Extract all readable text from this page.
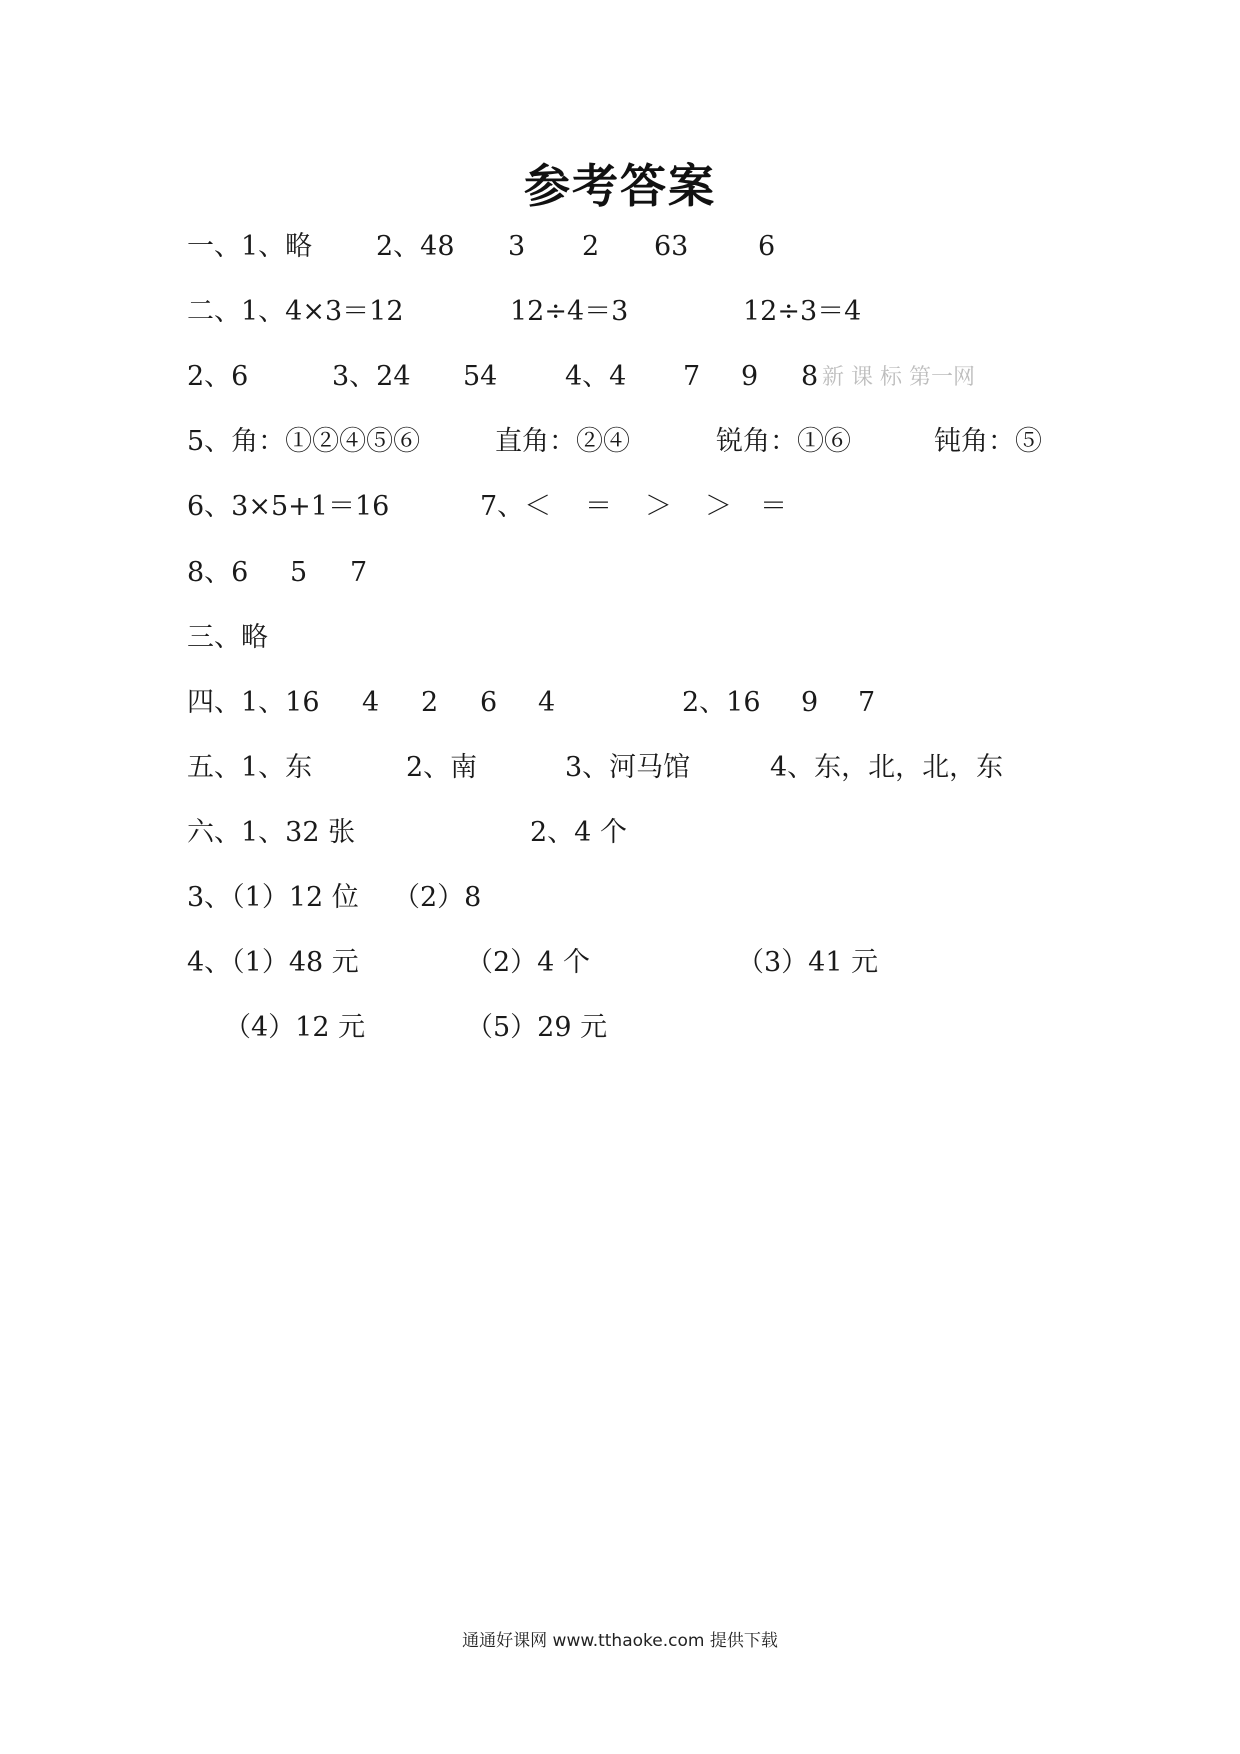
参考答案
一、1、略 2、48 3 2 63	6
二、1、4×3＝12	12÷4＝3	12÷3＝4
2、6	3、24 54	4、4 7 9 8 新 课 标 第一网
5、角：①②④⑤⑥	直角：②④	锐角：①⑥	钝角：⑤
6、3×5+1＝16	7、＜ ＝ ＞ ＞ ＝
8、6 5 7
三、略
四、1、16 4 2 6 4	2、16 9 7
五、1、东	2、南	3、河马馆	4、东，北，北，东
六、1、32 张	2、4 个
3、（1）12 位 （2）8
4、（1）48 元	（2）4 个	（3）41 元
（4）12 元	（5）29 元
通通好课网 www.tthaoke.com 提供下载
